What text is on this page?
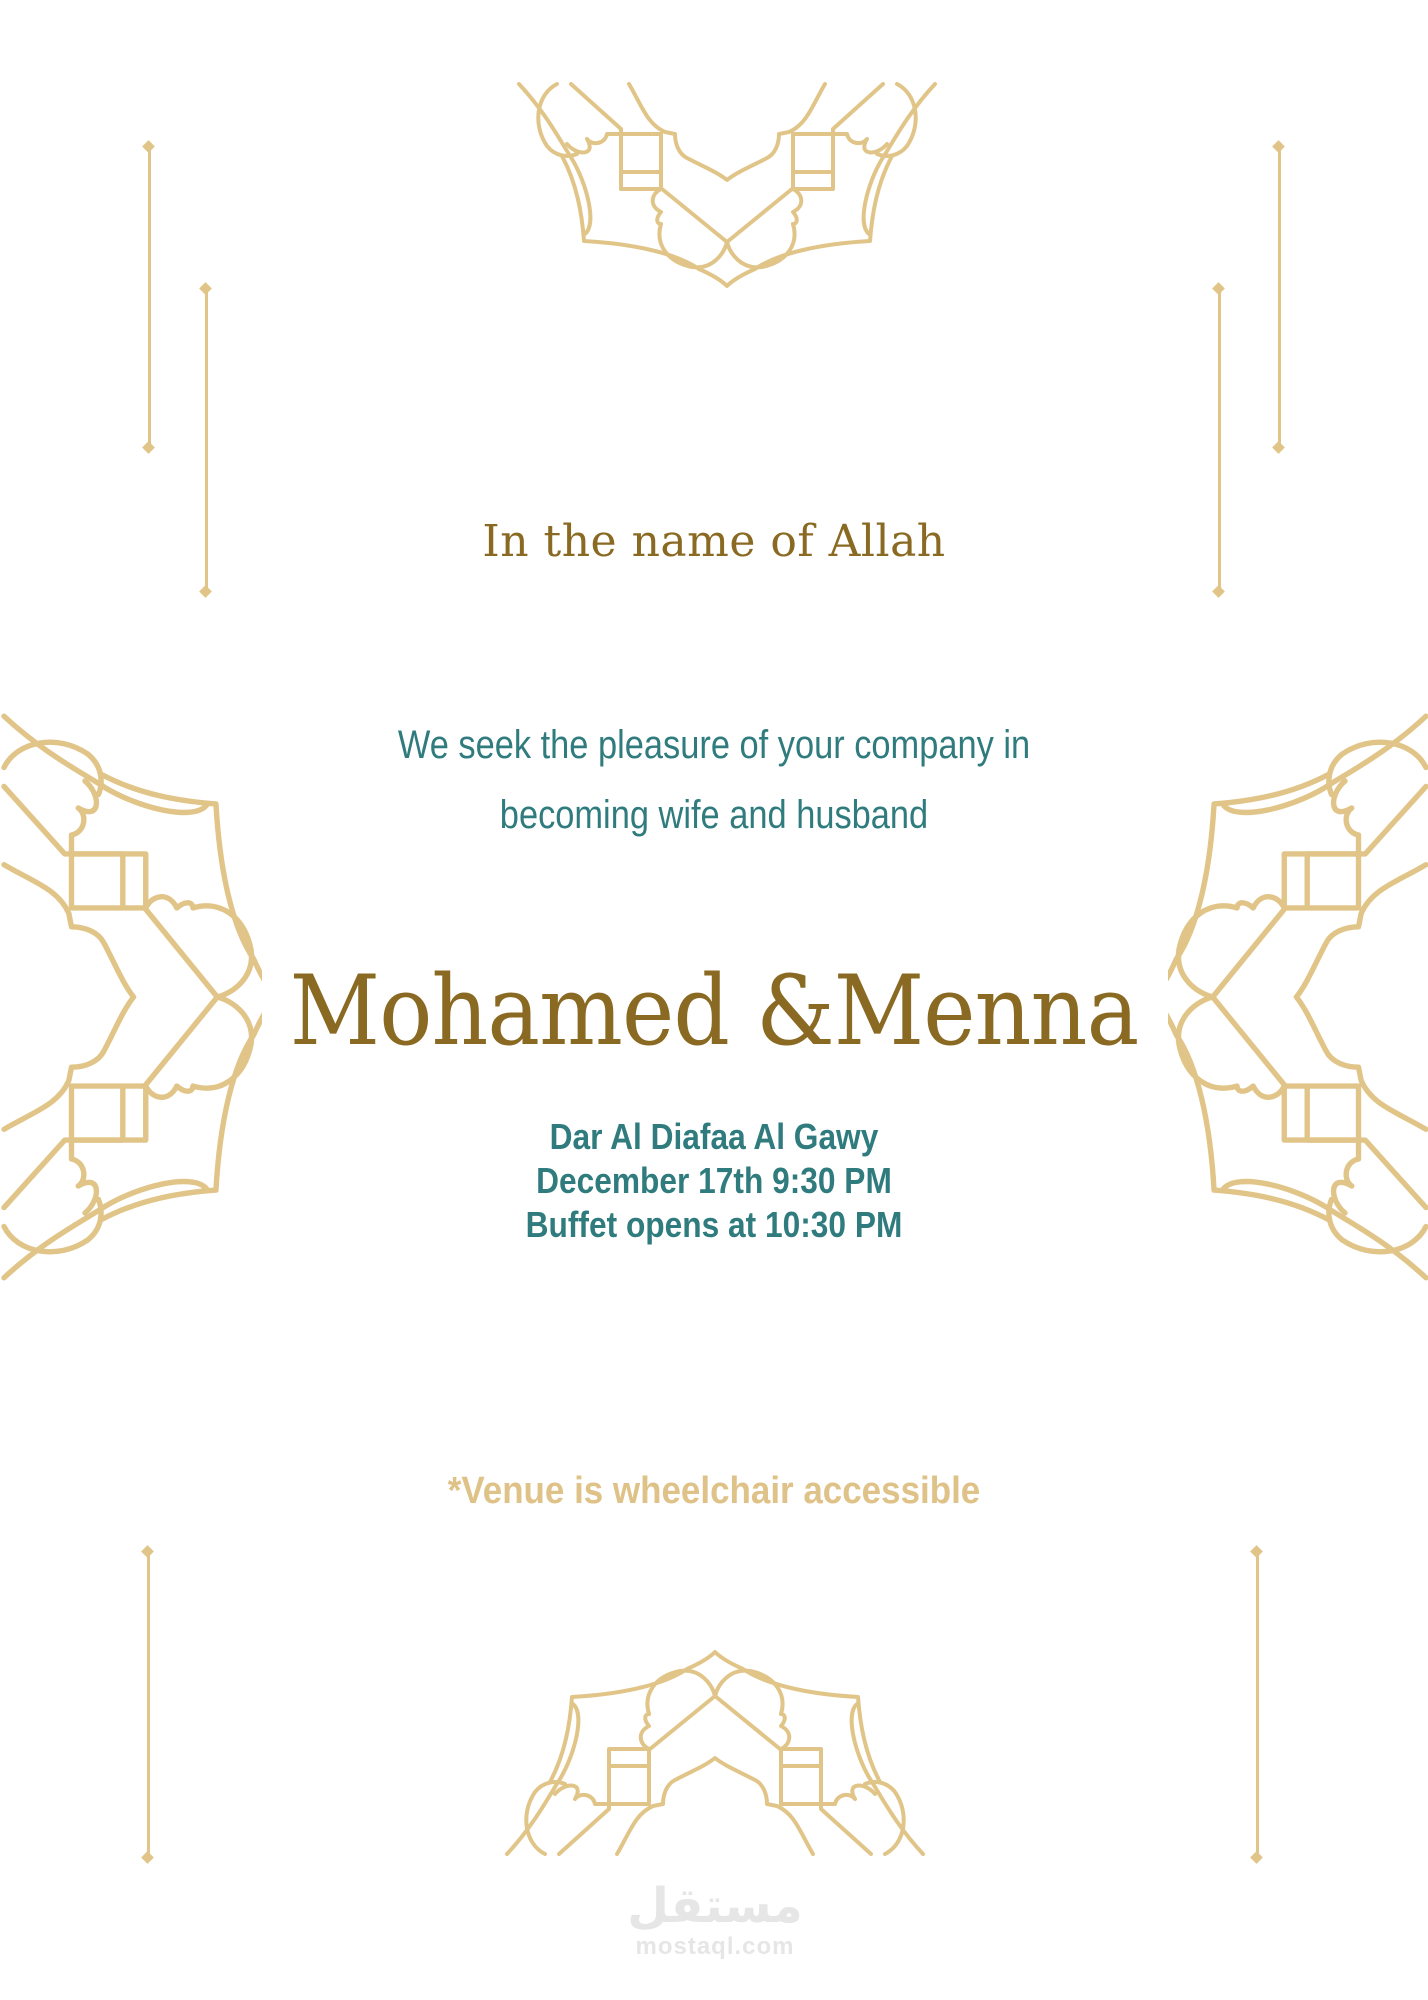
In the name of Allah
We seek the pleasure of your company in
becoming wife and husband
Mohamed &Menna
Dar Al Diafaa Al Gawy
December 17th 9:30 PM
Buffet opens at 10:30 PM
*Venue is wheelchair accessible
مستقل
mostaql.com
